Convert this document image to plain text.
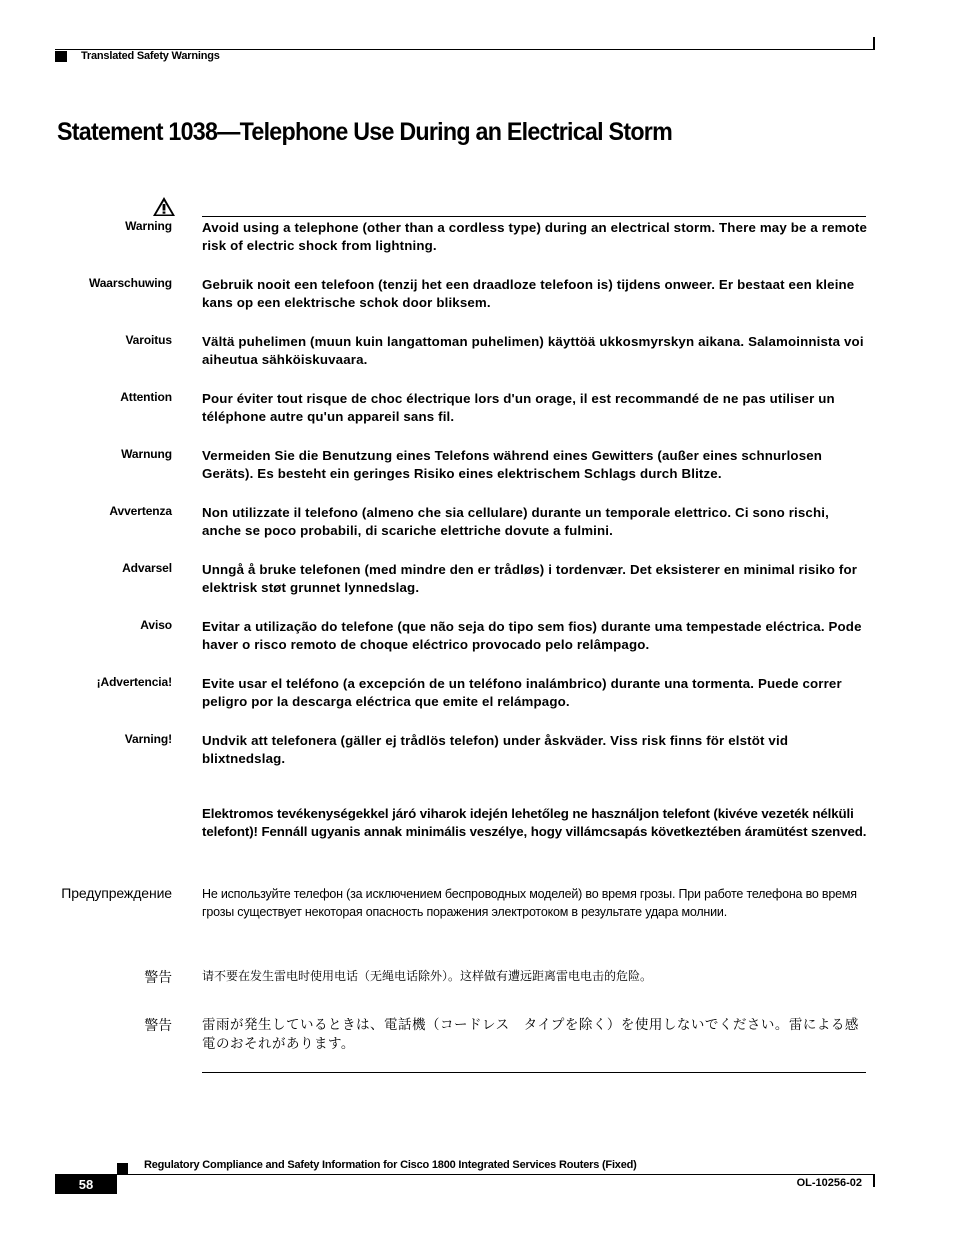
Translated Safety Warnings
Statement 1038—Telephone Use During an Electrical Storm
Warning Avoid using a telephone (other than a cordless type) during an electrical storm. There may be a remote risk of electric shock from lightning.
Waarschuwing Gebruik nooit een telefoon (tenzij het een draadloze telefoon is) tijdens onweer. Er bestaat een kleine kans op een elektrische schok door bliksem.
Varoitus Vältä puhelimen (muun kuin langattoman puhelimen) käyttöä ukkosmyrskyn aikana. Salamoinnista voi aiheutua sähköiskuvaara.
Attention Pour éviter tout risque de choc électrique lors d'un orage, il est recommandé de ne pas utiliser un téléphone autre qu'un appareil sans fil.
Warnung Vermeiden Sie die Benutzung eines Telefons während eines Gewitters (außer eines schnurlosen Geräts). Es besteht ein geringes Risiko eines elektrischem Schlags durch Blitze.
Avvertenza Non utilizzate il telefono (almeno che sia cellulare) durante un temporale elettrico. Ci sono rischi, anche se poco probabili, di scariche elettriche dovute a fulmini.
Advarsel Unngå å bruke telefonen (med mindre den er trådløs) i tordenvær. Det eksisterer en minimal risiko for elektrisk støt grunnet lynnedslag.
Aviso Evitar a utilização do telefone (que não seja do tipo sem fios) durante uma tempestade eléctrica. Pode haver o risco remoto de choque eléctrico provocado pelo relâmpago.
¡Advertencia! Evite usar el teléfono (a excepción de un teléfono inalámbrico) durante una tormenta. Puede correr peligro por la descarga eléctrica que emite el relámpago.
Varning! Undvik att telefonera (gäller ej trådlös telefon) under åskväder. Viss risk finns för elstöt vid blixtnedslag.
Elektromos tevékenységekkel járó viharok idején lehetőleg ne használjon telefont (kivéve vezeték nélküli telefont)! Fennáll ugyanis annak minimális veszélye, hogy villámcsapás következtében áramütést szenved.
Предупреждение Не используйте телефон (за исключением беспроводных моделей) во время грозы. При работе телефона во время грозы существует некоторая опасность поражения электротоком в результате удара молнии.
警告	请不要在发生雷电时使用电话（无绳电话除外）。这样做有遭远距离雷电电击的危险。
警告 雷雨が発生しているときは、電話機（コードレス　タイプを除く）を使用しないでください。雷による感電のおそれがあります。
Regulatory Compliance and Safety Information for Cisco 1800 Integrated Services Routers (Fixed)
58	OL-10256-02
